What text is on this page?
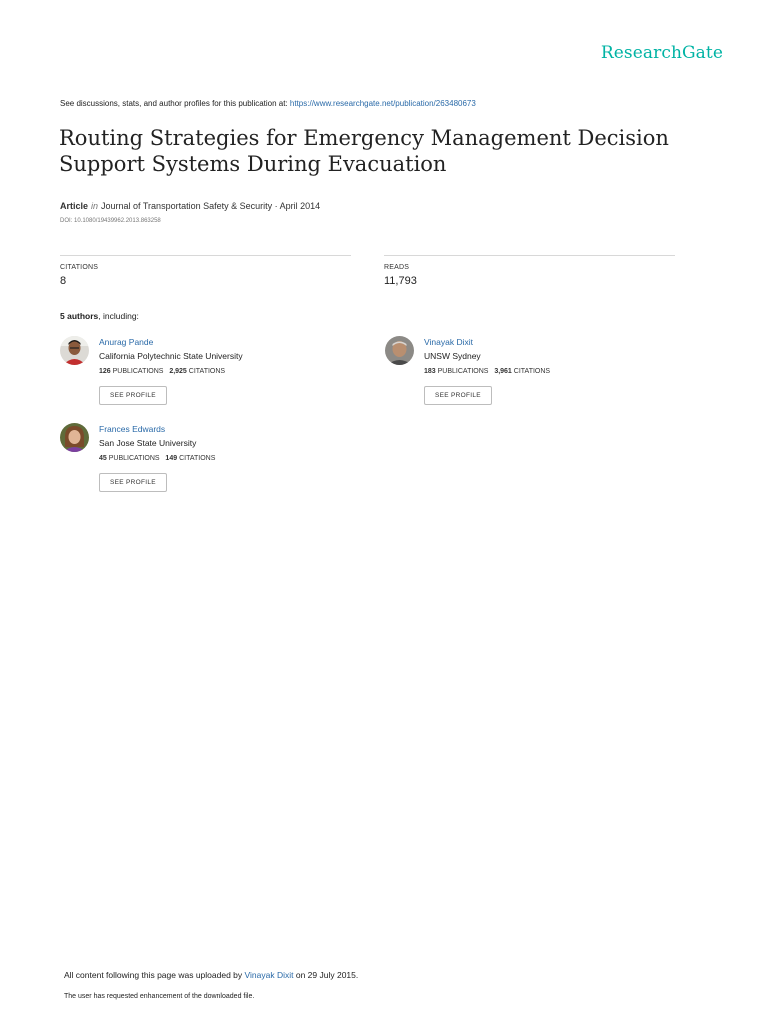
ResearchGate
See discussions, stats, and author profiles for this publication at: https://www.researchgate.net/publication/263480673
Routing Strategies for Emergency Management Decision Support Systems During Evacuation
Article in Journal of Transportation Safety & Security · April 2014
DOI: 10.1080/19439962.2013.863258
CITATIONS
8
READS
11,793
5 authors, including:
Anurag Pande
California Polytechnic State University
126 PUBLICATIONS 2,925 CITATIONS
SEE PROFILE
Vinayak Dixit
UNSW Sydney
183 PUBLICATIONS 3,961 CITATIONS
SEE PROFILE
Frances Edwards
San Jose State University
45 PUBLICATIONS 149 CITATIONS
SEE PROFILE
All content following this page was uploaded by Vinayak Dixit on 29 July 2015.
The user has requested enhancement of the downloaded file.
